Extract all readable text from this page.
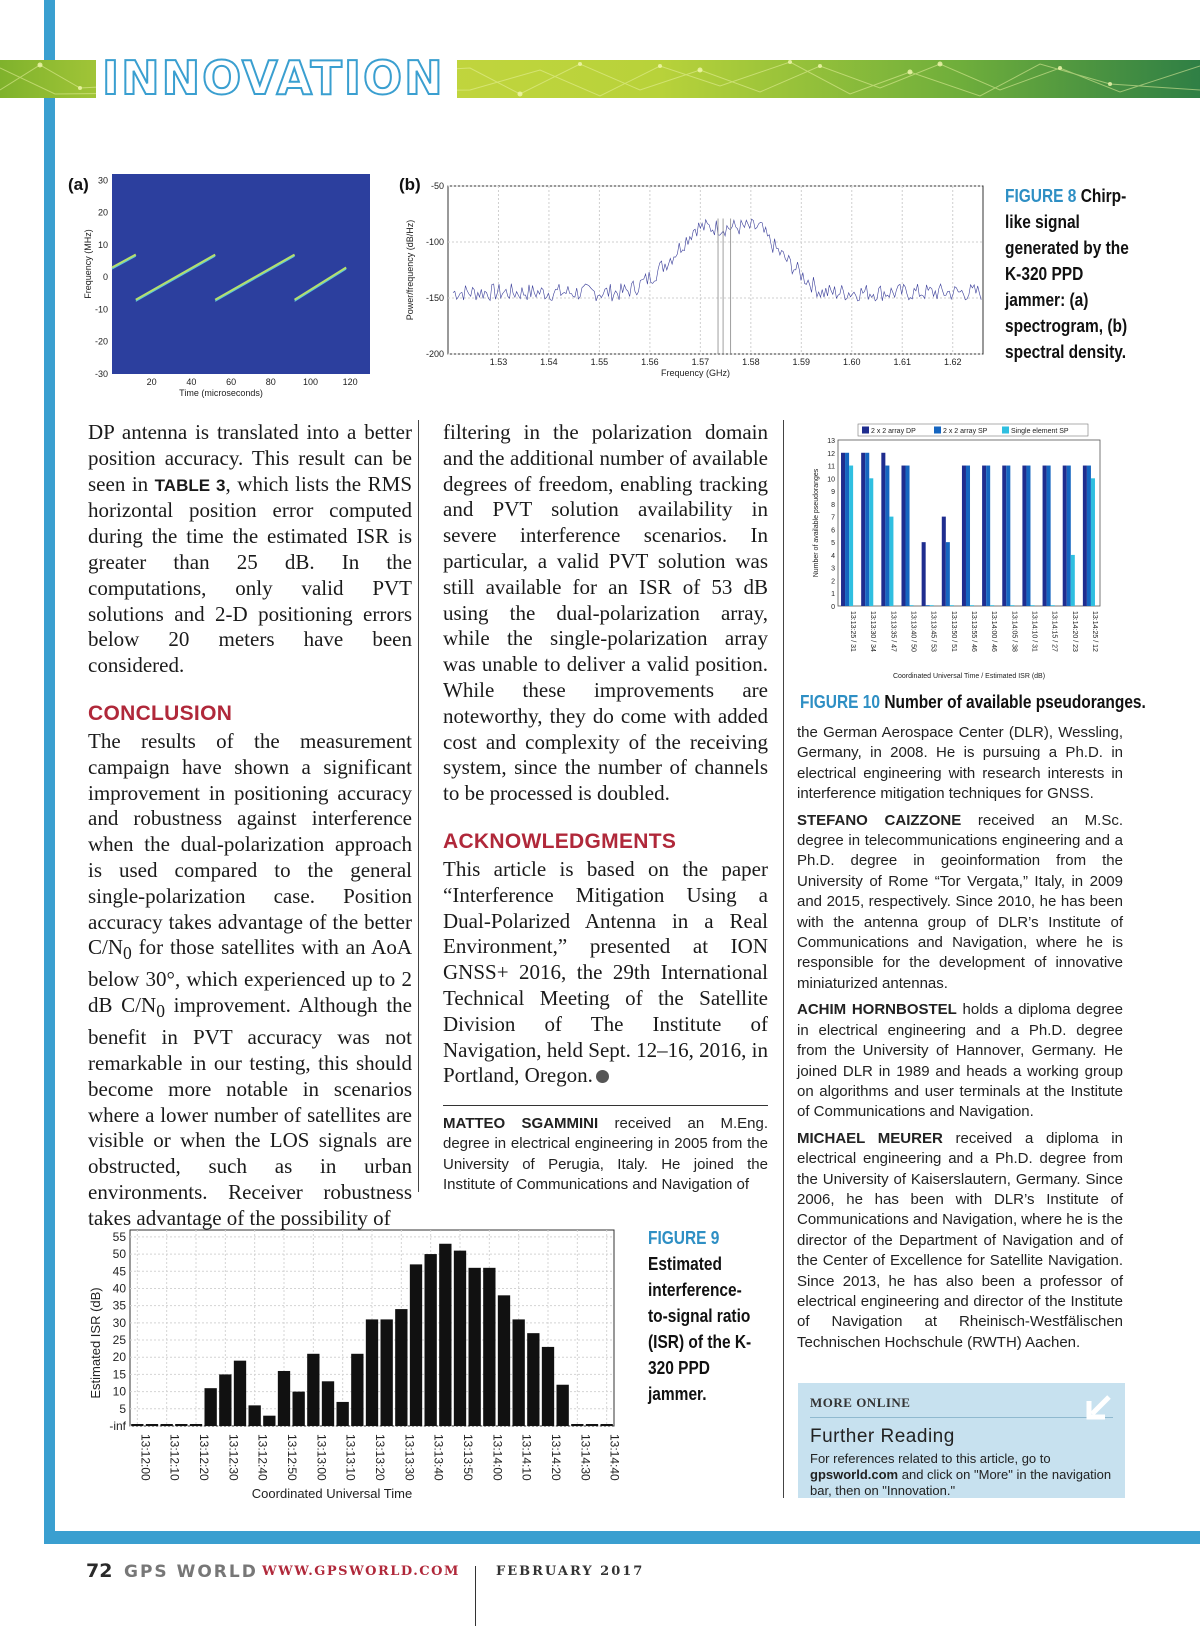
INNOVATION
(a) 30
20
10
0
-10
-20
-30
20	40	60	80	100	120
Time (microseconds)
Frequency (MHz)
(b) -50
-100
-150
-200
1.53	1.54	1.55	1.56	1.57	1.58	1.59	1.60	1.61	1.62
Frequency (GHz)
Power/frequency (dB/Hz)
FIGURE 8 Chirp-like signal generated by the K-320 PPD jammer: (a) spectrogram, (b) spectral density.

DP antenna is translated into a better position accuracy. This result can be seen in TABLE 3, which lists the RMS horizontal position error computed during the time the estimated ISR is greater than 25 dB. In the computations, only valid PVT solutions and 2-D positioning errors below 20 meters have been considered.

CONCLUSION

The results of the measurement campaign have shown a significant improvement in positioning accuracy and robustness against interference when the dual-polarization approach is used compared to the general single-polarization case. Position accuracy takes advantage of the better $C/N_0$ for those satellites with an AoA below 30°, which experienced up to 2 dB $C/N_0$ improvement. Although the benefit in PVT accuracy was not remarkable in our testing, this should become more notable in scenarios where a lower number of satellites are visible or when the LOS signals are obstructed, such as in urban environments. Receiver robustness takes advantage of the possibility of

filtering in the polarization domain and the additional number of available degrees of freedom, enabling tracking and PVT solution availability in severe interference scenarios. In particular, a valid PVT solution was still available for an ISR of 53 dB using the dual-polarization array, while the single-polarization array was unable to deliver a valid position. While these improvements are noteworthy, they do come with added cost and complexity of the receiving system, since the number of channels to be processed is doubled.

ACKNOWLEDGMENTS

This article is based on the paper “Interference Mitigation Using a Dual-Polarized Antenna in a Real Environment,” presented at ION GNSS+ 2016, the 29th International Technical Meeting of the Satellite Division of The Institute of Navigation, held Sept. 12–16, 2016, in Portland, Oregon.

MATTEO SGAMMINI received an M.Eng. degree in electrical engineering in 2005 from the University of Perugia, Italy. He joined the Institute of Communications and Navigation of

0
1
2
3
4
5
6
7
8
9
10
11
12
13
13:13:25 / 31 13:13:30 / 34 13:13:35 / 47 13:13:40 / 50 13:13:45 / 53 13:13:50 / 51 13:13:55 / 46 13:14:00 / 46 13:14:05 / 38 13:14:10 / 31 13:14:15 / 27 13:14:20 / 23 13:14:25 / 12
2 x 2 array DP	2 x 2 array SP	Single element SP
Coordinated Universal Time / Estimated ISR (dB)
Number of available pseudoranges
FIGURE 10 Number of available pseudoranges.

the German Aerospace Center (DLR), Wessling, Germany, in 2008. He is pursuing a Ph.D. in electrical engineering with research interests in interference mitigation techniques for GNSS.

STEFANO CAIZZONE received an M.Sc. degree in telecommunications engineering and a Ph.D. degree in geoinformation from the University of Rome “Tor Vergata,” Italy, in 2009 and 2015, respectively. Since 2010, he has been with the antenna group of DLR’s Institute of Communications and Navigation, where he is responsible for the development of innovative miniaturized antennas.

ACHIM HORNBOSTEL holds a diploma degree in electrical engineering and a Ph.D. degree from the University of Hannover, Germany. He joined DLR in 1989 and heads a working group on algorithms and user terminals at the Institute of Communications and Navigation.

MICHAEL MEURER received a diploma in electrical engineering and a Ph.D. degree from the University of Kaiserslautern, Germany. Since 2006, he has been with DLR’s Institute of Communications and Navigation, where he is the director of the Department of Navigation and of the Center of Excellence for Satellite Navigation. Since 2013, he has also been a professor of electrical engineering and director of the Institute of Navigation at Rheinisch-Westfälischen Technischen Hochschule (RWTH) Aachen.

55
50
45
40
35
30
25
20
15
10
5
-inf
13:12:00 13:12:10 13:12:20 13:12:30 13:12:40 13:12:50 13:13:00 13:13:10 13:13:20 13:13:30 13:13:40 13:13:50 13:14:00 13:14:10 13:14:20 13:14:30 13:14:40
Coordinated Universal Time
Estimated ISR (dB)
FIGURE 9
Estimated interference-to-signal ratio (ISR) of the K-320 PPD jammer.	MORE ONLINE
Further Reading
For references related to this article, go to gpsworld.com and click on "More" in the navigation bar, then on "Innovation."
72 GPS WORLD WWW.GPSWORLD.COM	FEBRUARY 2017
